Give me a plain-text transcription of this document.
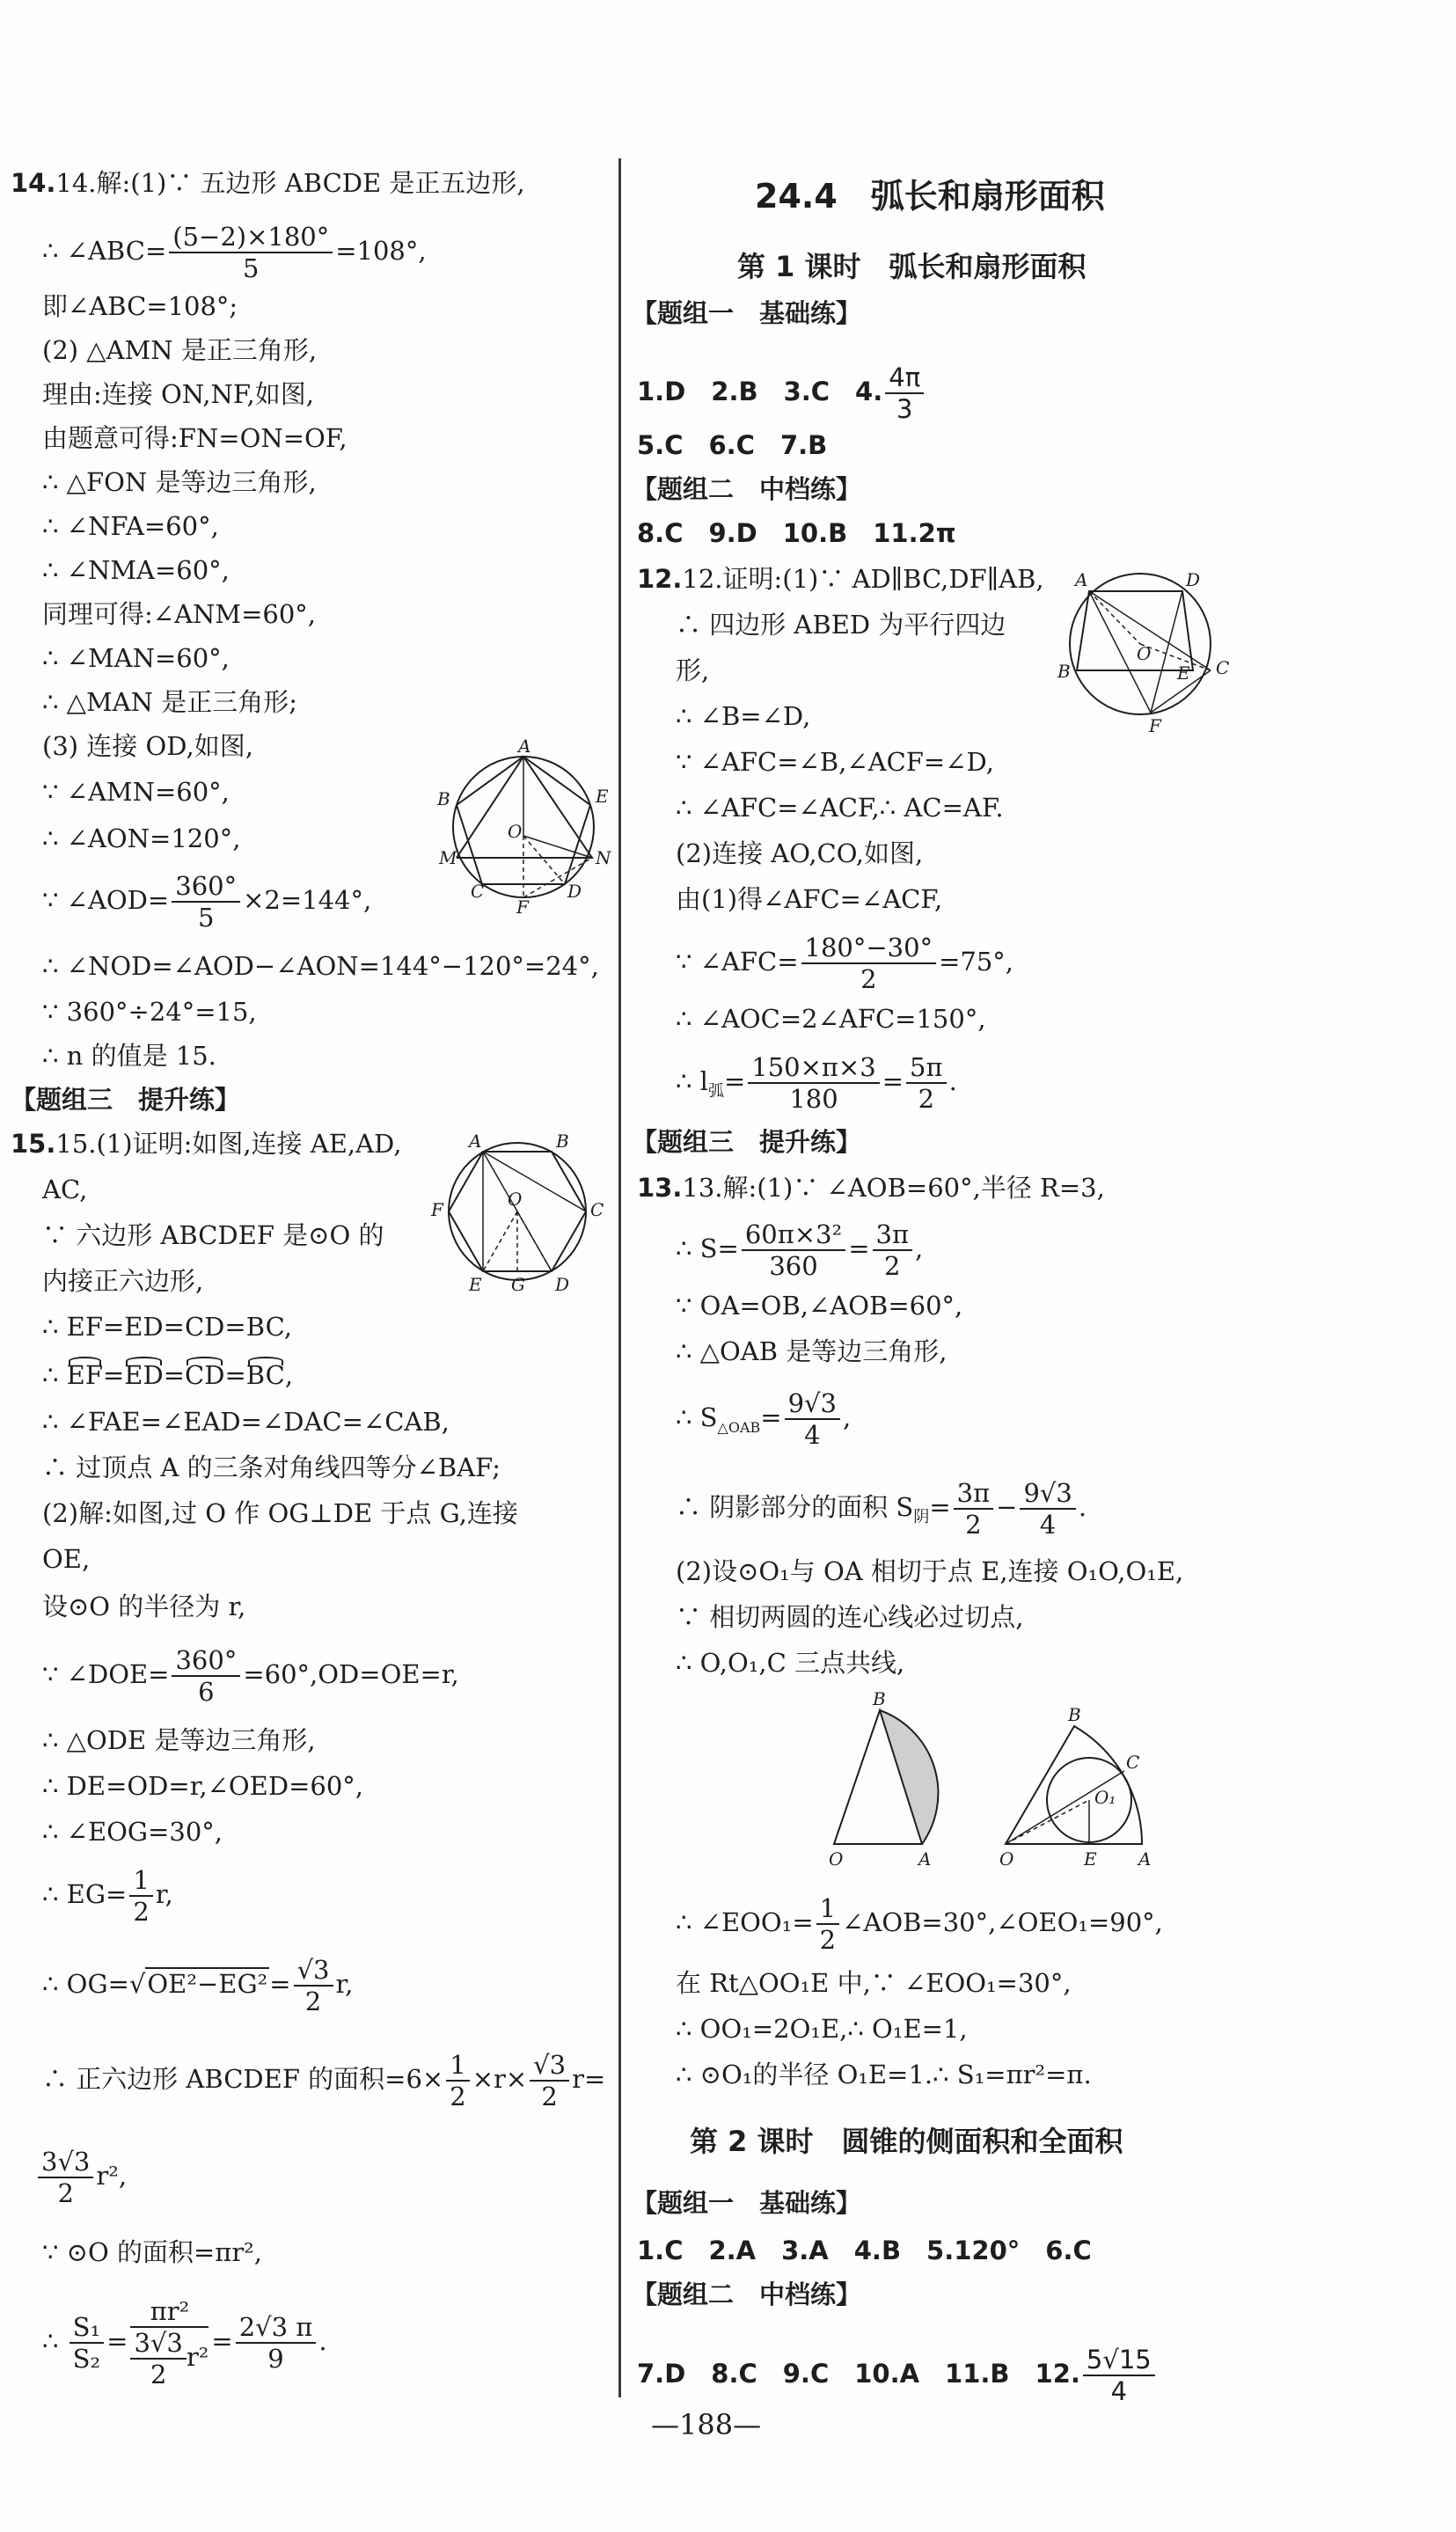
14.14.解:(1)∵ 五边形 ABCDE 是正五边形,
∴ ∠ABC= $\frac{(5-2)\times 180^\circ}{5} =108^\circ$,
即∠ABC=108°;
(2) △AMN 是正三角形,
理由:连接 ON,NF,如图,
由题意可得:FN=ON=OF,
∴ △FON 是等边三角形,
∴ ∠NFA=60°,
∴ ∠NMA=60°,
同理可得:∠ANM=60°,
∴ ∠MAN=60°,
∴ △MAN 是正三角形;
(3) 连接 OD,如图,
∵ ∠AMN=60°,
∴ ∠AON=120°,
∵ ∠AOD= $\frac{360^\circ}{5} \times 2=144^\circ$,
∴ ∠NOD=∠AOD−∠AON=144°−120°=24°,
∵ 360°÷24°=15,
∴ n 的值是 15.
【题组三　提升练】
15.15.(1)证明:如图,连接 AE,AD,
AC,
∵ 六边形 ABCDEF 是⊙O 的
内接正六边形,
∴ EF=ED=CD=BC,
∴ EF=ED=CD=BC,
∴ ∠FAE=∠EAD=∠DAC=∠CAB,
∴ 过顶点 A 的三条对角线四等分∠BAF;
(2)解:如图,过 O 作 OG⊥DE 于点 G,连接
OE,
设⊙O 的半径为 r,
∵ ∠DOE= $\frac{360^\circ}{6} =60^\circ,OD=OE=r$,
∴ △ODE 是等边三角形,
∴ DE=OD=r,∠OED=60°,
∴ ∠EOG=30°,
∴ $EG= \frac{1}{2} r$,
∴ $OG=√OE^2-EG^2= \frac{√3}{2} r$,
∴ 正六边形 ABCDEF 的面积$=6\times \frac{1}{2} \times r\times \frac{√3}{2} r=$
$\frac{3√3}{2} r^2$,
∵ ⊙O 的面积=πr²,
∴ $\frac{\text{S₁}}{\text{S₂}} = \frac{\text{πr²}}{\frac{3√3}{2} r^2} = \frac{2√3 \pi}{9}$ .
A
B	E
O
M	N
C	D
F
A	B
F	O	C
E G D
24.4　弧长和扇形面积
第 1 课时　弧长和扇形面积
【题组一　基础练】
1.D　2.B　3.C　4. $\frac{4\pi}{3}$
5.C　6.C　7.B
【题组二　中档练】
8.C　9.D　10.B　11.2π
12.12.证明:(1)∵ AD∥BC,DF∥AB,
∴ 四边形 ABED 为平行四边
形,
∴ ∠B=∠D,
∵ ∠AFC=∠B,∠ACF=∠D,
∴ ∠AFC=∠ACF,∴ AC=AF.
(2)连接 AO,CO,如图,
由(1)得∠AFC=∠ACF,
∵ ∠AFC= $\frac{180^\circ-30^\circ}{2} =75^\circ$,
∴ ∠AOC=2∠AFC=150°,
∴ $l_弧= \frac{150\times\pi\times 3}{180} = \frac{5\pi}{2}$ .
【题组三　提升练】
13.13.解:(1)∵ ∠AOB=60°,半径 R=3,
∴ $S= \frac{\text{60π×3²}}{360} = \frac{3\pi}{2}$ ,
∵ OA=OB,∠AOB=60°,
∴ △OAB 是等边三角形,
∴ $S_{\triangle OAB}= \frac{9√3}{4}$ ,
∴ 阴影部分的面积 $S_阴= \frac{3\pi}{2} - \frac{9√3}{4}$ .
(2)设⊙O₁与 OA 相切于点 E,连接 O₁O,O₁E,
∵ 相切两圆的连心线必过切点,
∴ O,O₁,C 三点共线,
B
O	A
B
C
O₁
O	E A
∴ ∠EOO₁= $\frac{1}{2}$ ∠AOB=30°,∠OEO₁=90°,
在 Rt△OO₁E 中,∵ ∠EOO₁=30°,
∴ OO₁=2O₁E,∴ O₁E=1,
∴ ⊙O₁的半径 O₁E=1.∴ S₁=πr²=π.
第 2 课时　圆锥的侧面积和全面积
【题组一　基础练】
1.C　2.A　3.A　4.B　5.120°　6.C
【题组二　中档练】
7.D　8.C　9.C　10.A　11.B　12. $\frac{5√15}{4}$
A	D
B	C
O
E
F
—188—
